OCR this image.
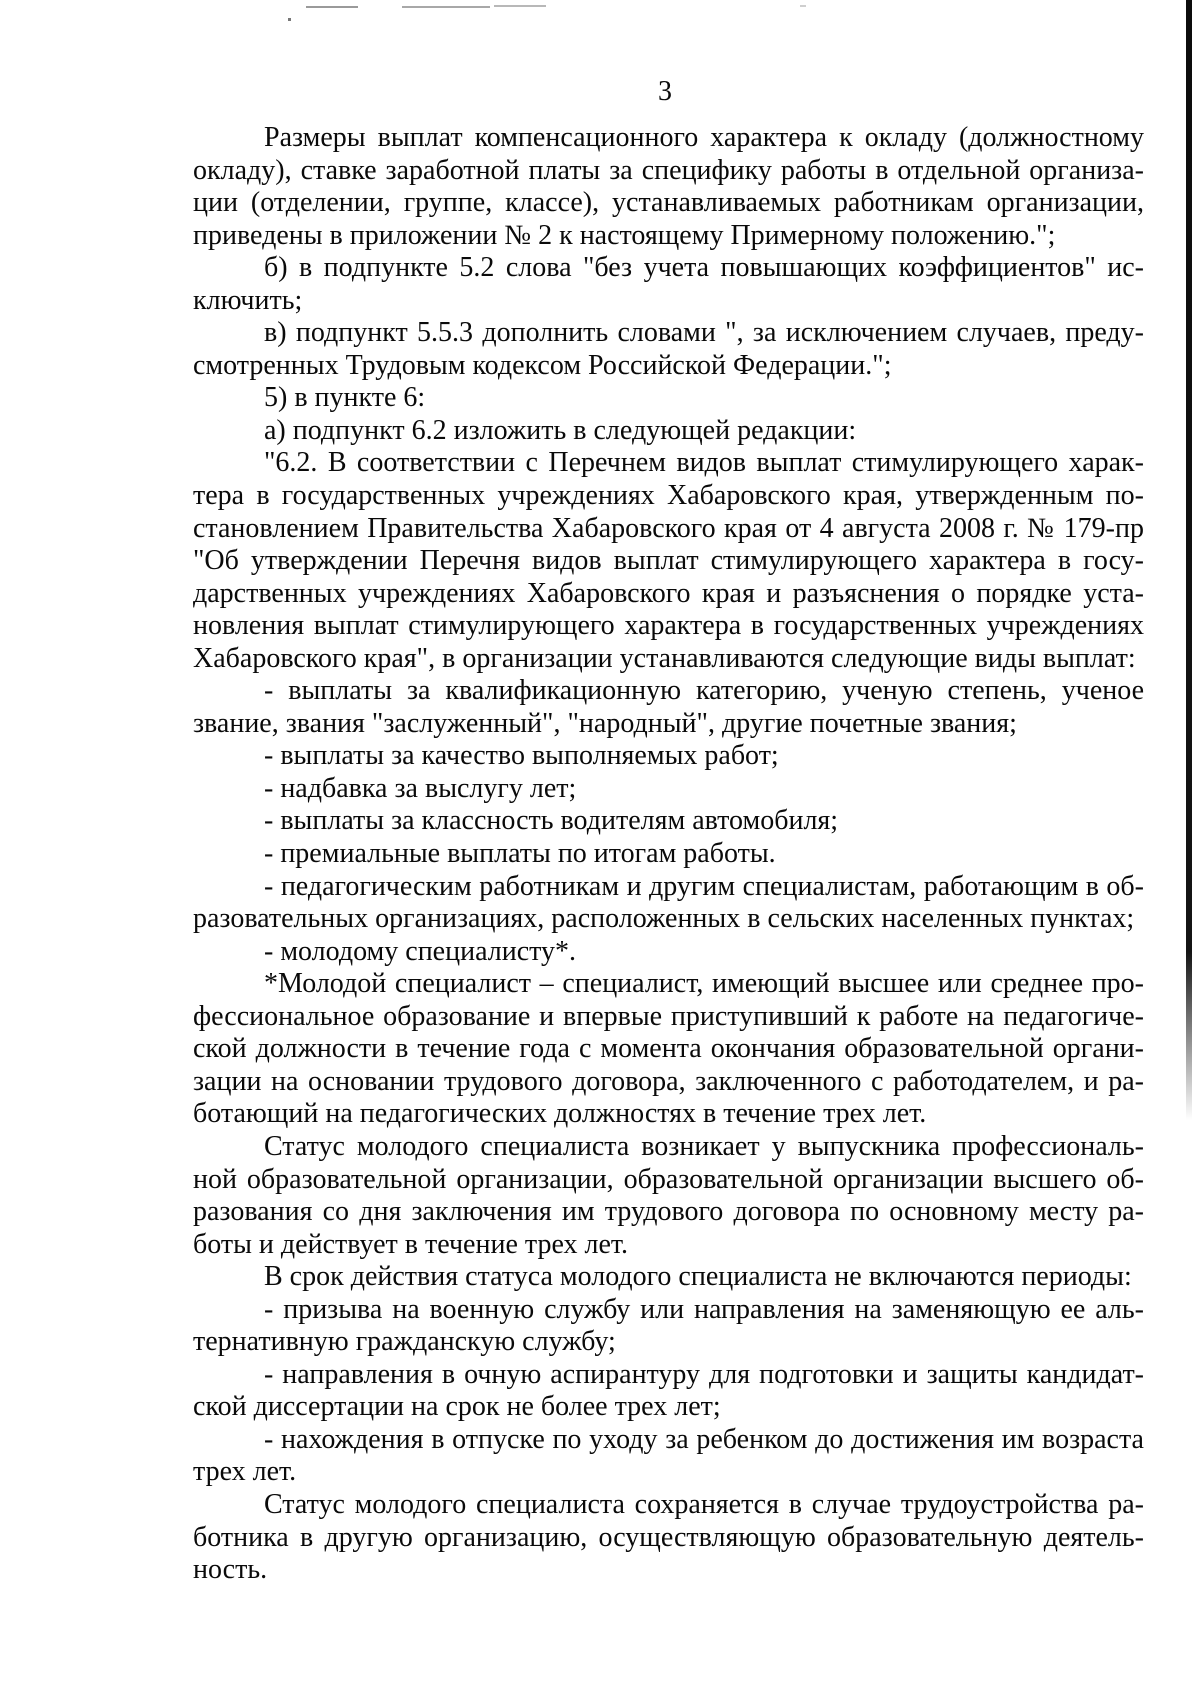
3
Размеры выплат компенсационного характера к окладу (должностному
окладу), ставке заработной платы за специфику работы в отдельной организа-
ции (отделении, группе, классе), устанавливаемых работникам организации,
приведены в приложении № 2 к настоящему Примерному положению.";
б) в подпункте 5.2 слова "без учета повышающих коэффициентов" ис-
ключить;
в) подпункт 5.5.3 дополнить словами ", за исключением случаев, преду-
смотренных Трудовым кодексом Российской Федерации.";
5) в пункте 6:
а) подпункт 6.2 изложить в следующей редакции:
"6.2. В соответствии с Перечнем видов выплат стимулирующего харак-
тера в государственных учреждениях Хабаровского края, утвержденным по-
становлением Правительства Хабаровского края от 4 августа 2008 г. № 179-пр
"Об утверждении Перечня видов выплат стимулирующего характера в госу-
дарственных учреждениях Хабаровского края и разъяснения о порядке уста-
новления выплат стимулирующего характера в государственных учреждениях
Хабаровского края", в организации устанавливаются следующие виды выплат:
- выплаты за квалификационную категорию, ученую степень, ученое
звание, звания "заслуженный", "народный", другие почетные звания;
- выплаты за качество выполняемых работ;
- надбавка за выслугу лет;
- выплаты за классность водителям автомобиля;
- премиальные выплаты по итогам работы.
- педагогическим работникам и другим специалистам, работающим в об-
разовательных организациях, расположенных в сельских населенных пунктах;
- молодому специалисту*.
*Молодой специалист – специалист, имеющий высшее или среднее про-
фессиональное образование и впервые приступивший к работе на педагогиче-
ской должности в течение года с момента окончания образовательной органи-
зации на основании трудового договора, заключенного с работодателем, и ра-
ботающий на педагогических должностях в течение трех лет.
Статус молодого специалиста возникает у выпускника профессиональ-
ной образовательной организации, образовательной организации высшего об-
разования со дня заключения им трудового договора по основному месту ра-
боты и действует в течение трех лет.
В срок действия статуса молодого специалиста не включаются периоды:
- призыва на военную службу или направления на заменяющую ее аль-
тернативную гражданскую службу;
- направления в очную аспирантуру для подготовки и защиты кандидат-
ской диссертации на срок не более трех лет;
- нахождения в отпуске по уходу за ребенком до достижения им возраста
трех лет.
Статус молодого специалиста сохраняется в случае трудоустройства ра-
ботника в другую организацию, осуществляющую образовательную деятель-
ность.
